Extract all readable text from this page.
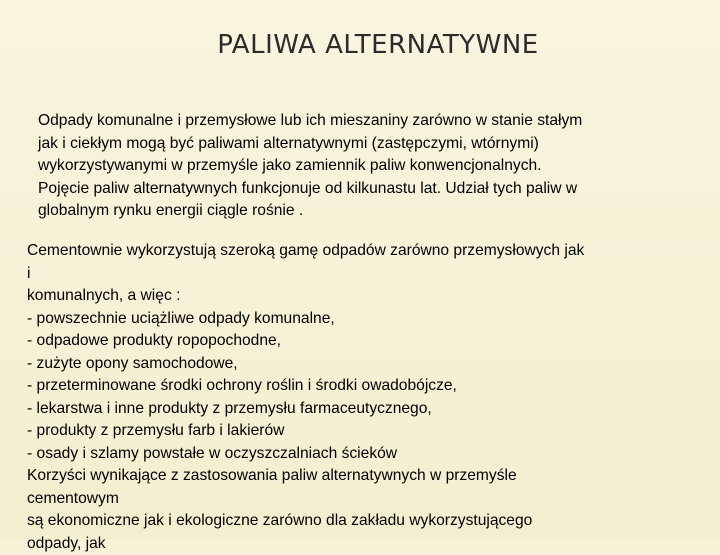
PALIWA ALTERNATYWNE
Odpady komunalne i przemysłowe lub ich mieszaniny zarówno w stanie stałym
jak i ciekłym mogą być paliwami alternatywnymi (zastępczymi, wtórnymi)
wykorzystywanymi w przemyśle jako zamiennik paliw konwencjonalnych.
Pojęcie paliw alternatywnych funkcjonuje od kilkunastu lat. Udział tych paliw w
globalnym rynku energii ciągle rośnie .
Cementownie wykorzystują szeroką gamę odpadów zarówno przemysłowych jak
i
komunalnych, a więc :
- powszechnie uciążliwe odpady komunalne,
- odpadowe produkty ropopochodne,
- zużyte opony samochodowe,
- przeterminowane środki ochrony roślin i środki owadobójcze,
- lekarstwa i inne produkty z przemysłu farmaceutycznego,
- produkty z przemysłu farb i lakierów
- osady i szlamy powstałe w oczyszczalniach ścieków
Korzyści wynikające z zastosowania paliw alternatywnych w przemyśle
cementowym
są ekonomiczne jak i ekologiczne zarówno dla zakładu wykorzystującego
odpady, jak
